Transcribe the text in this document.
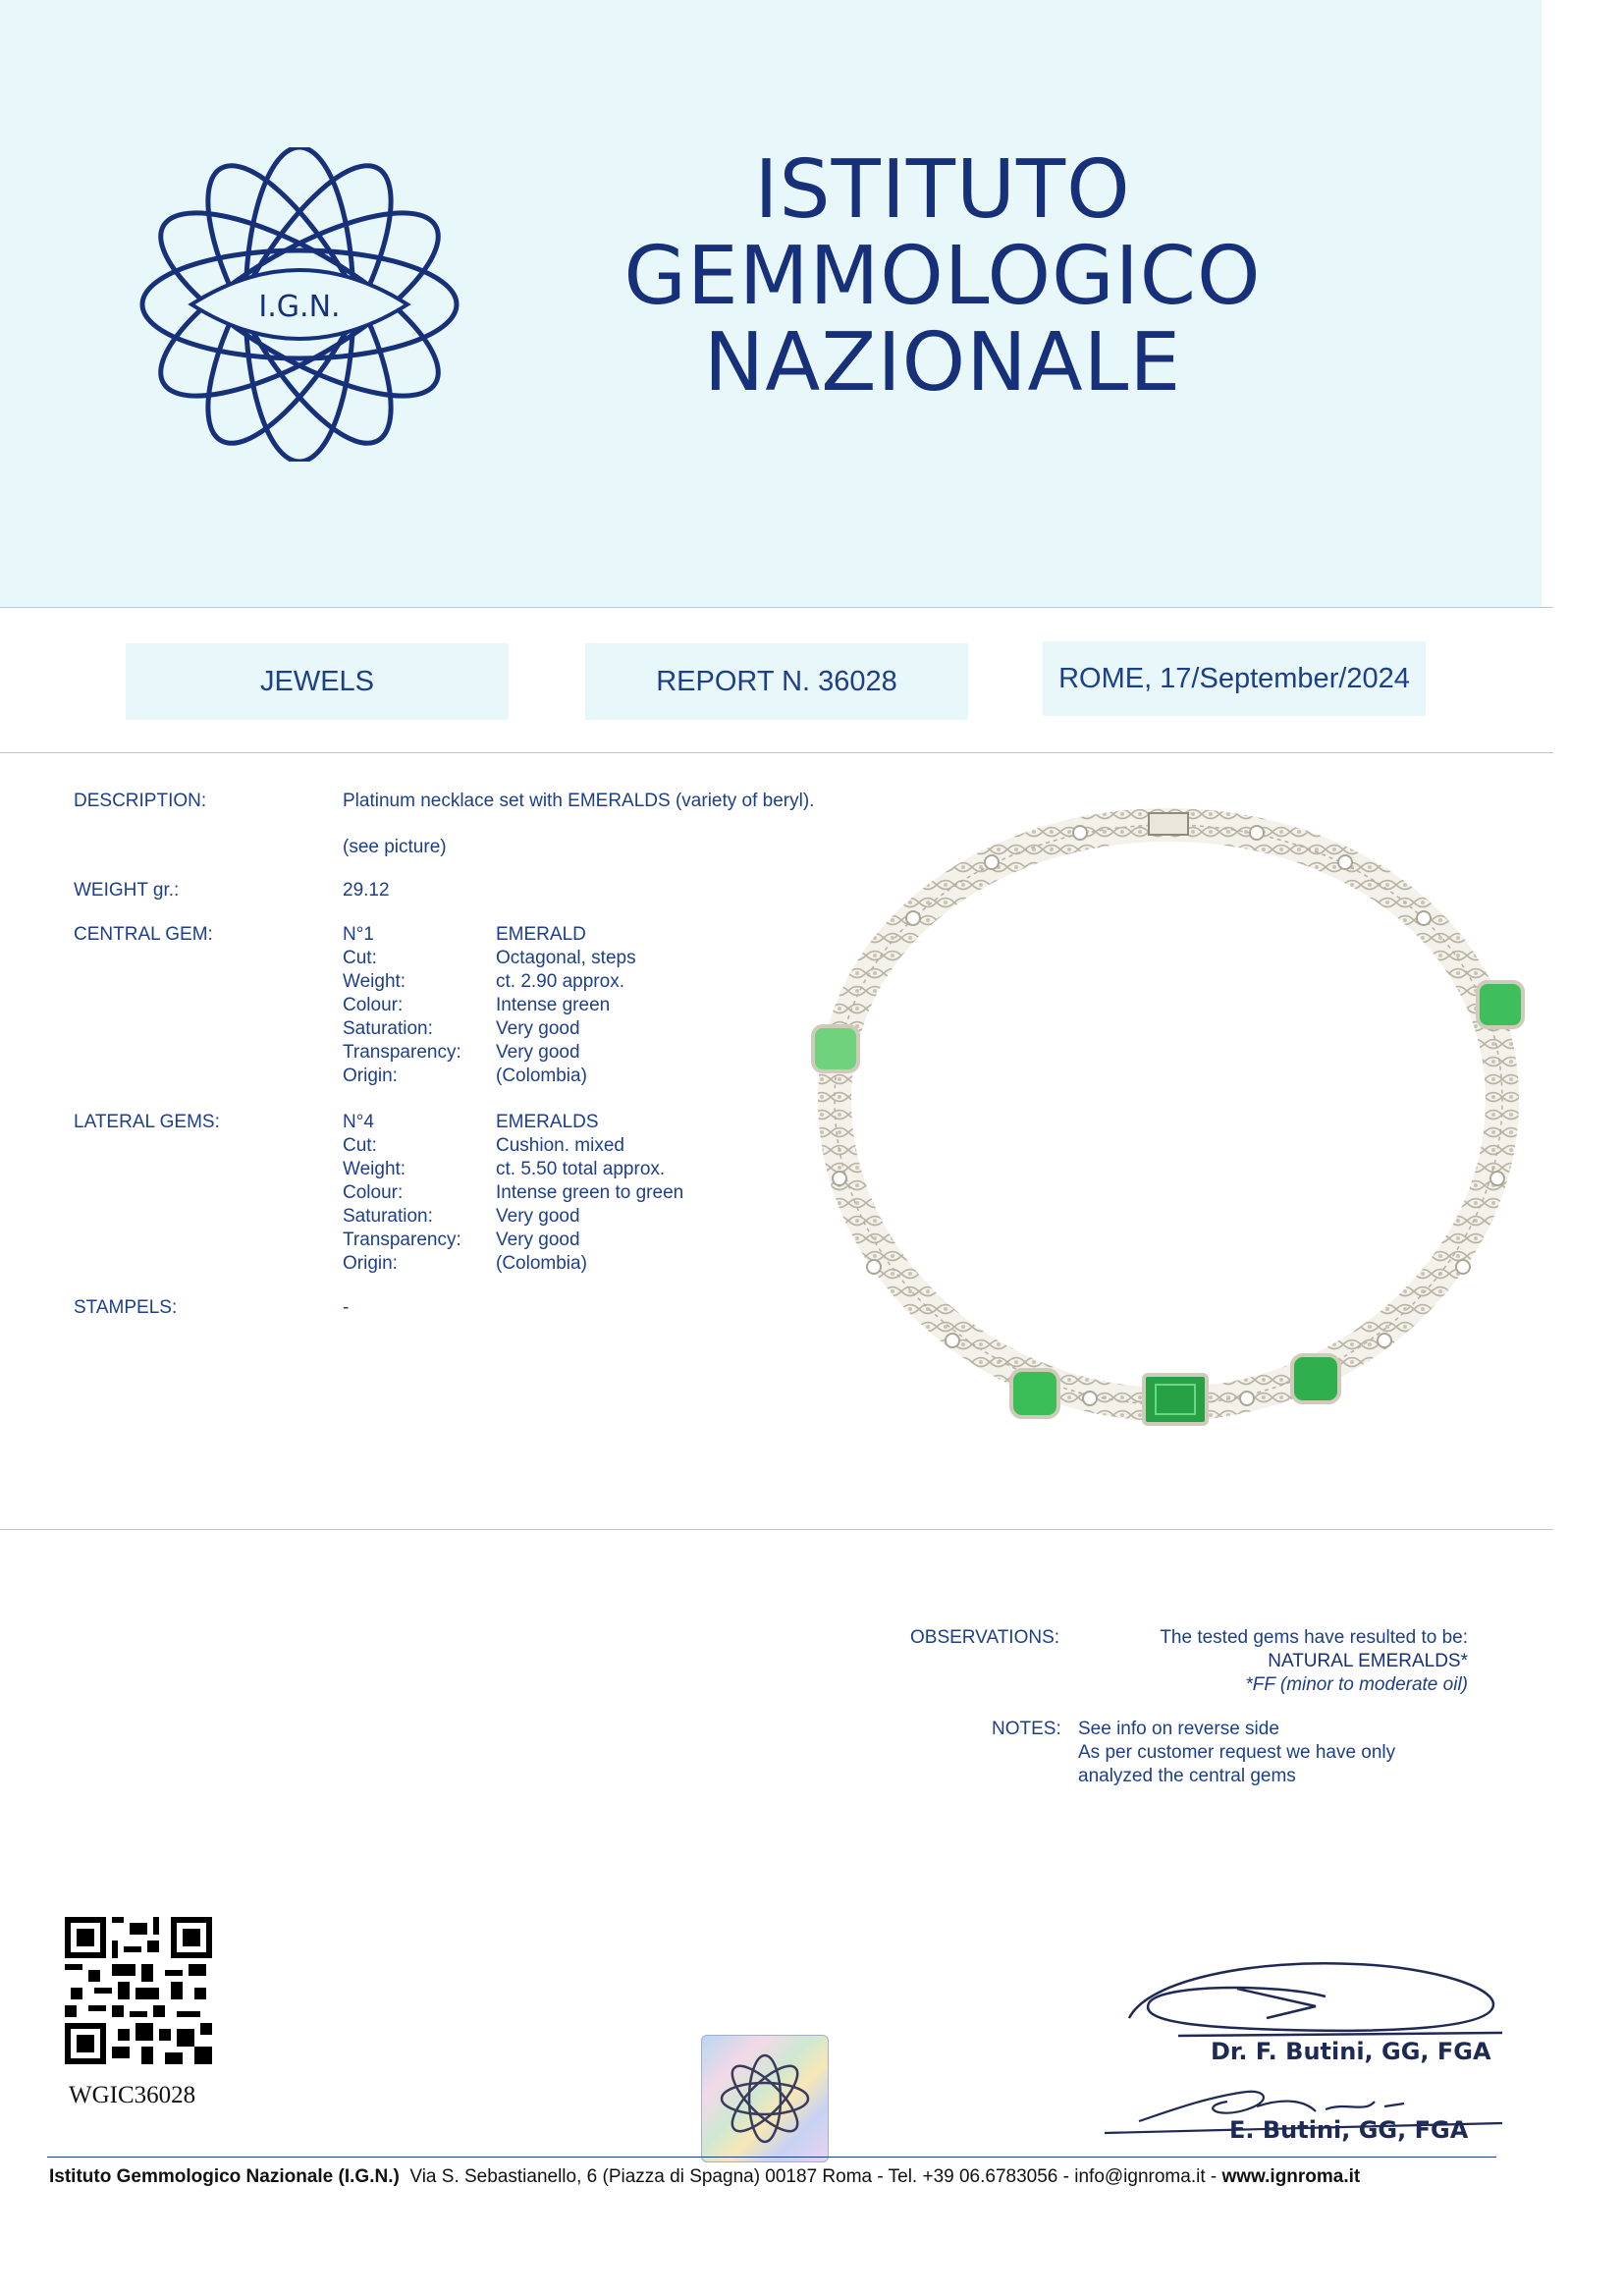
I.G.N.
ISTITUTO
GEMMOLOGICO
NAZIONALE
JEWELS	REPORT N. 36028	ROME, 17/September/2024
DESCRIPTION:	Platinum necklace set with EMERALDS (variety of beryl).
(see picture)
WEIGHT gr.:	29.12
CENTRAL GEM:	N°1	EMERALD
Cut:	Octagonal, steps
Weight:	ct. 2.90 approx.
Colour:	Intense green
Saturation:	Very good
Transparency: Very good
Origin:	(Colombia)
LATERAL GEMS:	N°4	EMERALDS
Cut:	Cushion. mixed
Weight:	ct. 5.50 total approx.
Colour:	Intense green to green
Saturation:	Very good
Transparency: Very good
Origin:	(Colombia)
STAMPELS:	-
OBSERVATIONS:	The tested gems have resulted to be:
NATURAL EMERALDS*
*FF (minor to moderate oil)
NOTES: See info on reverse side
As per customer request we have only
analyzed the central gems
WGIC36028
Dr. F. Butini, GG, FGA
E. Butini, GG, FGA
Istituto Gemmologico Nazionale (I.G.N.) Via S. Sebastianello, 6 (Piazza di Spagna) 00187 Roma - Tel. +39 06.6783056 - info@ignroma.it - www.ignroma.it
